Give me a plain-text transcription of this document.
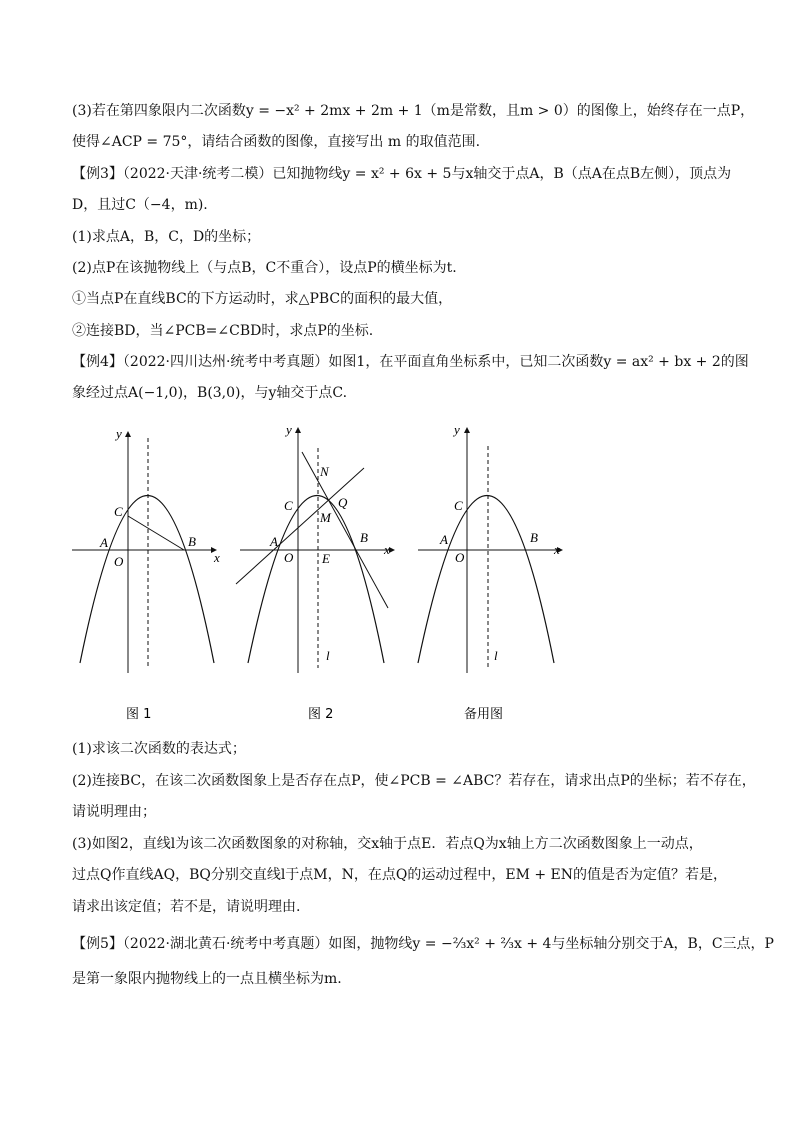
(3)若在第四象限内二次函数y = −x² + 2mx + 2m + 1（m是常数，且m > 0）的图像上，始终存在一点P，
使得∠ACP = 75°，请结合函数的图像，直接写出 m 的取值范围.
【例3】（2022·天津·统考二模）已知抛物线y = x² + 6x + 5与x轴交于点A，B（点A在点B左侧），顶点为
D，且过C（−4，m).
(1)求点A，B，C，D的坐标；
(2)点P在该抛物线上（与点B，C不重合），设点P的横坐标为t.
①当点P在直线BC的下方运动时，求△PBC的面积的最大值，
②连接BD，当∠PCB=∠CBD时，求点P的坐标.
【例4】（2022·四川达州·统考中考真题）如图1，在平面直角坐标系中，已知二次函数y = ax² + bx + 2的图
象经过点A(−1,0)，B(3,0)，与y轴交于点C.
y
x
C
A
O
B
图 1
y
x
N
C	Q
M
A
O E
B
l
图 2
y
x
C
A
O
B
l
备用图
(1)求该二次函数的表达式；
(2)连接BC，在该二次函数图象上是否存在点P，使∠PCB = ∠ABC？若存在，请求出点P的坐标；若不存在，
请说明理由；
(3)如图2，直线l为该二次函数图象的对称轴，交x轴于点E．若点Q为x轴上方二次函数图象上一动点，
过点Q作直线AQ，BQ分别交直线l于点M，N，在点Q的运动过程中，EM + EN的值是否为定值？若是，
请求出该定值；若不是，请说明理由.
【例5】（2022·湖北黄石·统考中考真题）如图，抛物线y = −⅔x² + ⅔x + 4与坐标轴分别交于A，B，C三点，P
是第一象限内抛物线上的一点且横坐标为m.
